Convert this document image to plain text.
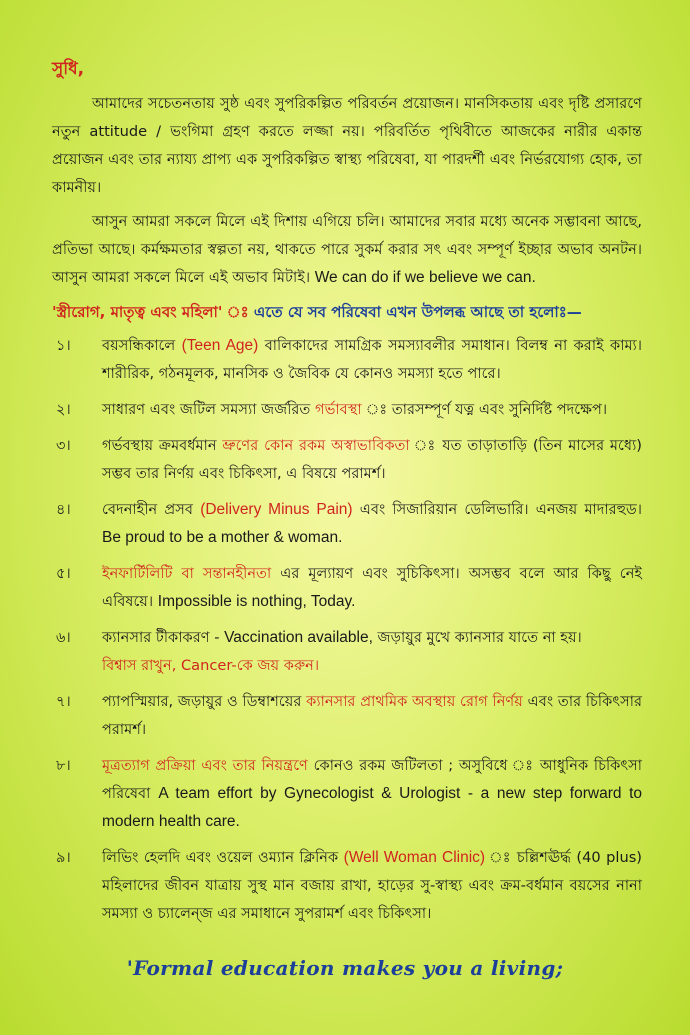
সুধি,

আমাদের সচেতনতায় সুষ্ঠ এবং সুপরিকল্পিত পরিবর্তন প্রয়োজন। মানসিকতায় এবং দৃষ্টি প্রসারণে নতুন attitude / ভংগিমা গ্রহণ করতে লজ্জা নয়। পরিবর্তিত পৃথিবীতে আজকের নারীর একান্ত প্রয়োজন এবং তার ন্যায্য প্রাপ্য এক সুপরিকল্পিত স্বাস্থ্য পরিষেবা, যা পারদর্শী এবং নির্ভরযোগ্য হোক, তা কামনীয়।

আসুন আমরা সকলে মিলে এই দিশায় এগিয়ে চলি। আমাদের সবার মধ্যে অনেক সম্ভাবনা আছে, প্রতিভা আছে। কর্মক্ষমতার স্বল্পতা নয়, থাকতে পারে সুকর্ম করার সৎ এবং সম্পূর্ণ ইচ্ছার অভাব অনটন। আসুন আমরা সকলে মিলে এই অভাব মিটাই। We can do if we believe we can.

'স্ত্রীরোগ, মাতৃত্ব এবং মহিলা' ঃ এতে যে সব পরিষেবা এখন উপলব্ধ আছে তা হলোঃ—
১।	বয়সন্ধিকালে (Teen Age) বালিকাদের সামগ্রিক সমস্যাবলীর সমাধান। বিলম্ব না করাই কাম্য। শারীরিক, গঠনমূলক, মানসিক ও জৈবিক যে কোনও সমস্যা হতে পারে।
২।	সাধারণ এবং জটিল সমস্যা জর্জরিত গর্ভাবস্থা ঃ তারসম্পূর্ণ যত্ন এবং সুনির্দিষ্ট পদক্ষেপ।
৩।	গর্ভবস্থায় ক্রমবর্ধমান ভ্রুণের কোন রকম অস্বাভাবিকতা ঃ যত তাড়াতাড়ি (তিন মাসের মধ্যে) সম্ভব তার নির্ণয় এবং চিকিৎসা, এ বিষয়ে পরামর্শ।
৪।	বেদনাহীন প্রসব (Delivery Minus Pain) এবং সিজারিয়ান ডেলিভারি। এনজয় মাদারহুড। Be proud to be a mother & woman.
৫।	ইনফার্টিলিটি বা সন্তানহীনতা এর মূল্যায়ণ এবং সুচিকিৎসা। অসম্ভব বলে আর কিছু নেই এবিষয়ে। Impossible is nothing, Today.
৬।	ক্যানসার টীকাকরণ - Vaccination available, জড়ায়ুর মুখে ক্যানসার যাতে না হয়।
বিশ্বাস রাখুন, Cancer-কে জয় করুন।
৭।	প্যাপস্মিয়ার, জড়ায়ুর ও ডিম্বাশয়ের ক্যানসার প্রাথমিক অবস্থায় রোগ নির্ণয় এবং তার চিকিৎসার পরামর্শ।
৮।	মূত্রত্যাগ প্রক্রিয়া এবং তার নিয়ন্ত্রণে কোনও রকম জটিলতা ; অসুবিধে ঃ আধুনিক চিকিৎসা পরিষেবা A team effort by Gynecologist & Urologist - a new step forward to modern health care.
৯।	লিভিং হেলদি এবং ওয়েল ওম্যান ক্লিনিক (Well Woman Clinic) ঃ চল্লিশঊর্দ্ধ (40 plus) মহিলাদের জীবন যাত্রায় সুস্থ মান বজায় রাখা, হাড়ের সু-স্বাস্থ্য এবং ক্রম-বর্ধমান বয়সের নানা সমস্যা ও চ্যালেন্জ এর সমাধানে সুপরামর্শ এবং চিকিৎসা।
'Formal education makes you a living;
